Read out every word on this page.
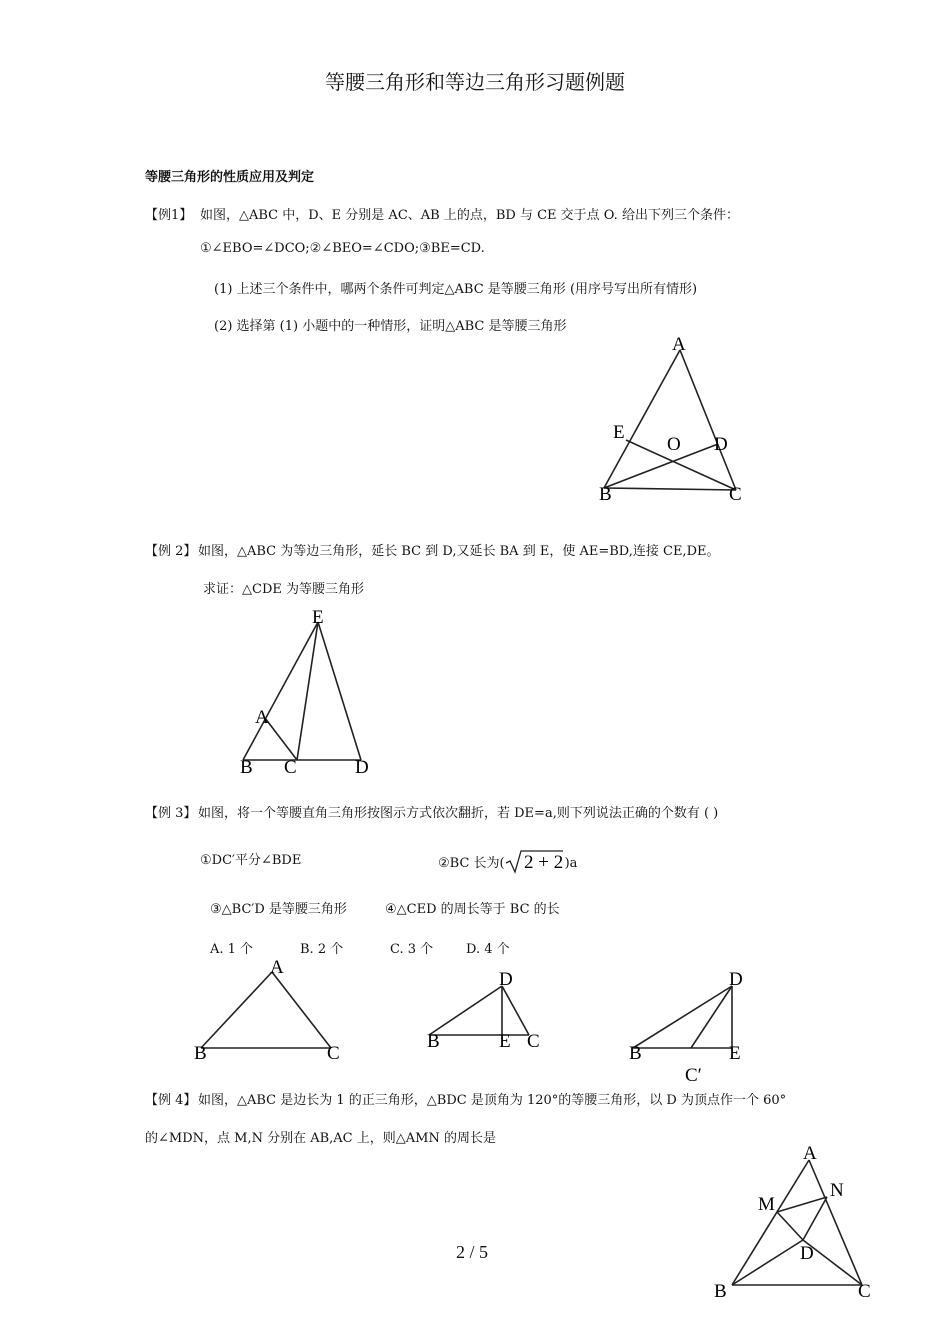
等腰三角形和等边三角形习题例题
等腰三角形的性质应用及判定
【例1】 如图，△ABC 中，D、E 分别是 AC、AB 上的点，BD 与 CE 交于点 O. 给出下列三个条件：
①∠EBO=∠DCO;②∠BEO=∠CDO;③BE=CD.
(1) 上述三个条件中，哪两个条件可判定△ABC 是等腰三角形 (用序号写出所有情形)
(2) 选择第 (1) 小题中的一种情形，证明△ABC 是等腰三角形
A
E
O D
B	C
【例 2】 如图，△ABC 为等边三角形，延长 BC 到 D,又延长 BA 到 E，使 AE=BD,连接 CE,DE。
求证：△CDE 为等腰三角形
E
A
B C	D
【例 3】 如图，将一个等腰直角三角形按图示方式依次翻折，若 DE=a,则下列说法正确的个数有 ( )
①DC′平分∠BDE	②BC 长为( 2 + 2 )a
③△BC′D 是等腰三角形	④△CED 的周长等于 BC 的长
A. 1 个	B. 2 个	C. 3 个	D. 4 个
A
B	C
D
B	E C
D
B	E
C′
【例 4】 如图，△ABC 是边长为 1 的正三角形，△BDC 是顶角为 120°的等腰三角形，以 D 为顶点作一个 60°
的∠MDN，点 M,N 分别在 AB,AC 上，则△AMN 的周长是
A
M
N
D
B	C
2 / 5
